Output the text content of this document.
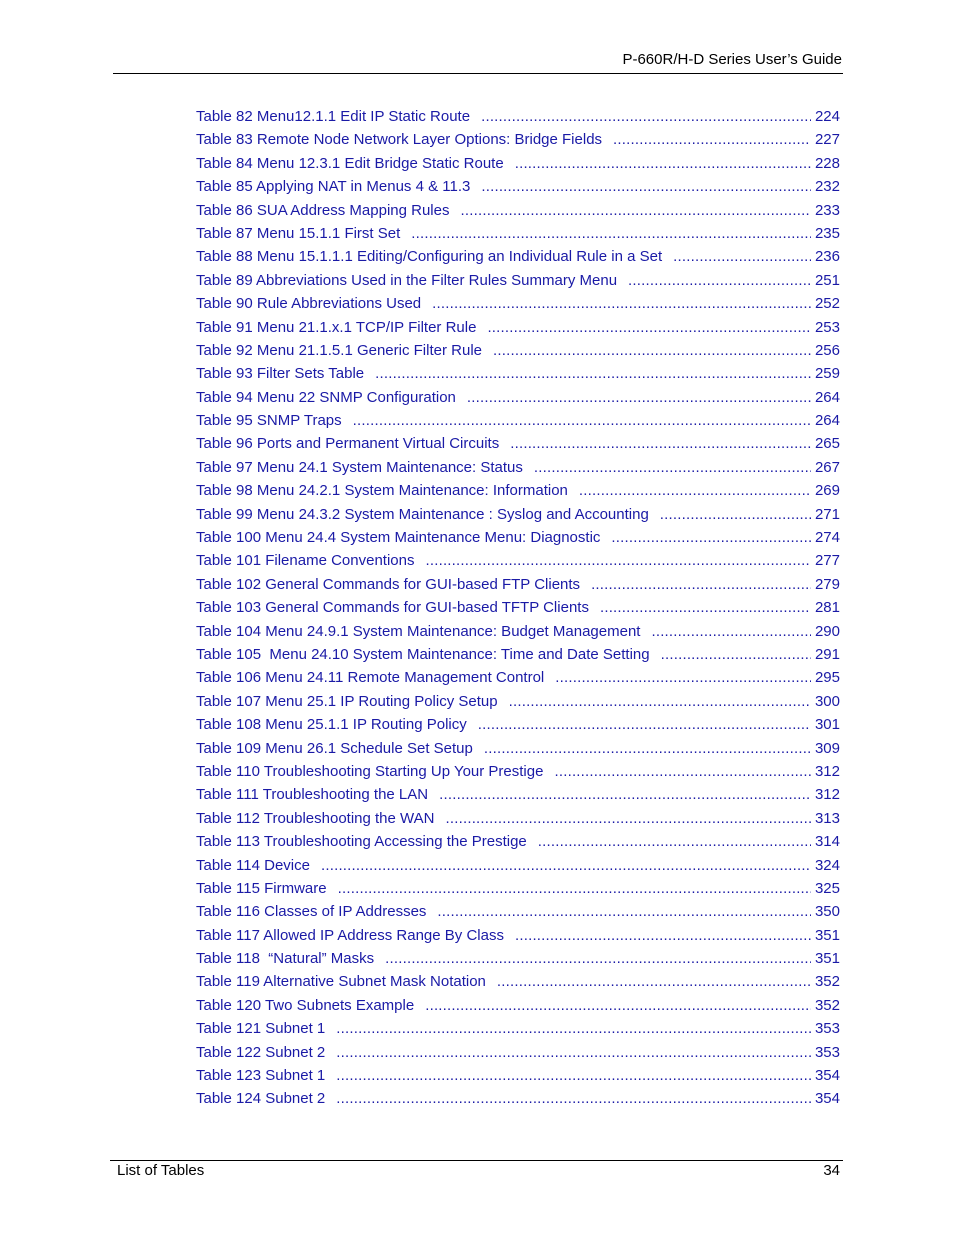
P-660R/H-D Series User’s Guide
Table 82 Menu12.1.1 Edit IP Static Route .....	224
Table 83 Remote Node Network Layer Options: Bridge Fields .....	227
Table 84 Menu 12.3.1 Edit Bridge Static Route .....	228
Table 85 Applying NAT in Menus 4 & 11.3 .....	232
Table 86 SUA Address Mapping Rules .....	233
Table 87 Menu 15.1.1 First Set .....	235
Table 88 Menu 15.1.1.1 Editing/Configuring an Individual Rule in a Set .....	236
Table 89 Abbreviations Used in the Filter Rules Summary Menu .....	251
Table 90 Rule Abbreviations Used .....	252
Table 91 Menu 21.1.x.1 TCP/IP Filter Rule .....	253
Table 92 Menu 21.1.5.1 Generic Filter Rule .....	256
Table 93 Filter Sets Table .....	259
Table 94 Menu 22 SNMP Configuration .....	264
Table 95 SNMP Traps .....	264
Table 96 Ports and Permanent Virtual Circuits .....	265
Table 97 Menu 24.1 System Maintenance: Status .....	267
Table 98 Menu 24.2.1 System Maintenance: Information .....	269
Table 99 Menu 24.3.2 System Maintenance : Syslog and Accounting .....	271
Table 100 Menu 24.4 System Maintenance Menu: Diagnostic .....	274
Table 101 Filename Conventions .....	277
Table 102 General Commands for GUI-based FTP Clients .....	279
Table 103 General Commands for GUI-based TFTP Clients .....	281
Table 104 Menu 24.9.1 System Maintenance: Budget Management .....	290
Table 105  Menu 24.10 System Maintenance: Time and Date Setting .....	291
Table 106 Menu 24.11 Remote Management Control .....	295
Table 107 Menu 25.1 IP Routing Policy Setup .....	300
Table 108 Menu 25.1.1 IP Routing Policy .....	301
Table 109 Menu 26.1 Schedule Set Setup .....	309
Table 110 Troubleshooting Starting Up Your Prestige .....	312
Table 111 Troubleshooting the LAN .....	312
Table 112 Troubleshooting the WAN .....	313
Table 113 Troubleshooting Accessing the Prestige .....	314
Table 114 Device .....	324
Table 115 Firmware .....	325
Table 116 Classes of IP Addresses .....	350
Table 117 Allowed IP Address Range By Class .....	351
Table 118  “Natural” Masks .....	351
Table 119 Alternative Subnet Mask Notation .....	352
Table 120 Two Subnets Example .....	352
Table 121 Subnet 1 .....	353
Table 122 Subnet 2 .....	353
Table 123 Subnet 1 .....	354
Table 124 Subnet 2 .....	354
List of Tables	34
